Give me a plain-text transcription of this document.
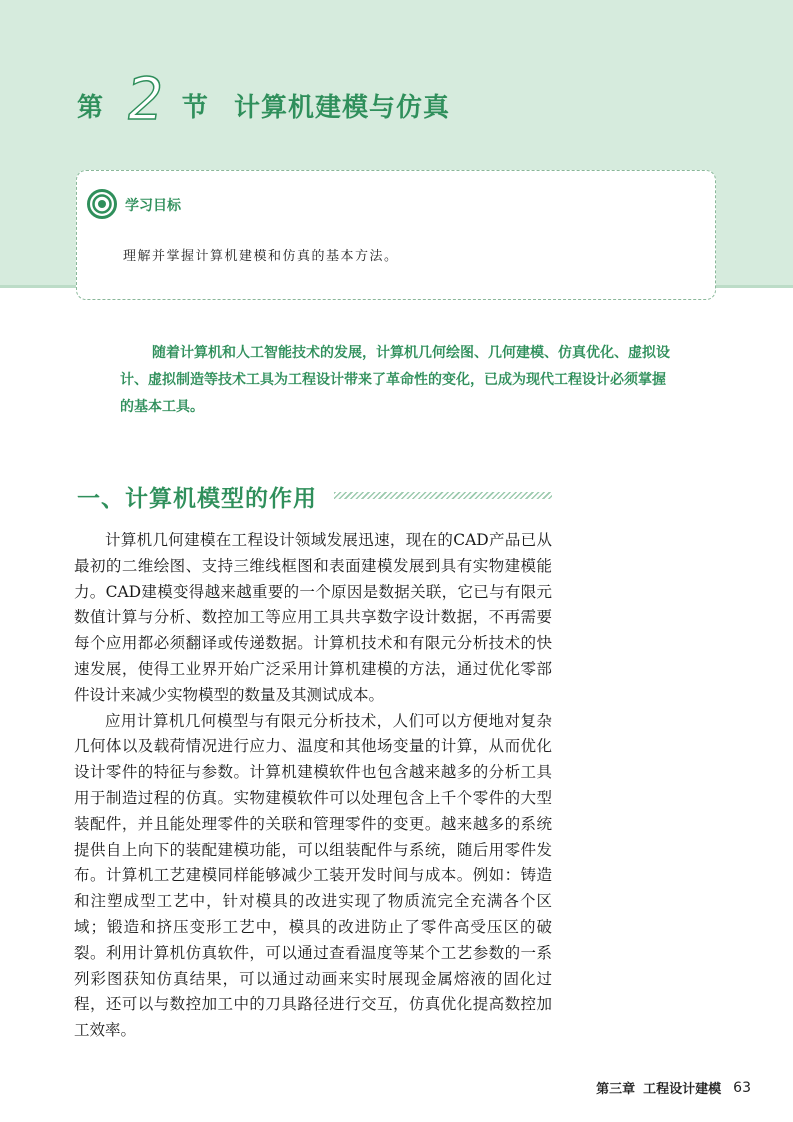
第 2 节 计算机建模与仿真
学习目标
理解并掌握计算机建模和仿真的基本方法。

随着计算机和人工智能技术的发展，计算机几何绘图、几何建模、仿真优化、虚拟设计、虚拟制造等技术工具为工程设计带来了革命性的变化，已成为现代工程设计必须掌握的基本工具。

一、计算机模型的作用

计算机几何建模在工程设计领域发展迅速，现在的CAD产品已从最初的二维绘图、支持三维线框图和表面建模发展到具有实物建模能力。CAD建模变得越来越重要的一个原因是数据关联，它已与有限元数值计算与分析、数控加工等应用工具共享数字设计数据，不再需要每个应用都必须翻译或传递数据。计算机技术和有限元分析技术的快速发展，使得工业界开始广泛采用计算机建模的方法，通过优化零部件设计来减少实物模型的数量及其测试成本。

应用计算机几何模型与有限元分析技术，人们可以方便地对复杂几何体以及载荷情况进行应力、温度和其他场变量的计算，从而优化设计零件的特征与参数。计算机建模软件也包含越来越多的分析工具用于制造过程的仿真。实物建模软件可以处理包含上千个零件的大型装配件，并且能处理零件的关联和管理零件的变更。越来越多的系统提供自上向下的装配建模功能，可以组装配件与系统，随后用零件发布。计算机工艺建模同样能够减少工装开发时间与成本。例如：铸造和注塑成型工艺中，针对模具的改进实现了物质流完全充满各个区域；锻造和挤压变形工艺中，模具的改进防止了零件高受压区的破裂。利用计算机仿真软件，可以通过查看温度等某个工艺参数的一系列彩图获知仿真结果，可以通过动画来实时展现金属熔液的固化过程，还可以与数控加工中的刀具路径进行交互，仿真优化提高数控加工效率。

第三章 工程设计建模 63
